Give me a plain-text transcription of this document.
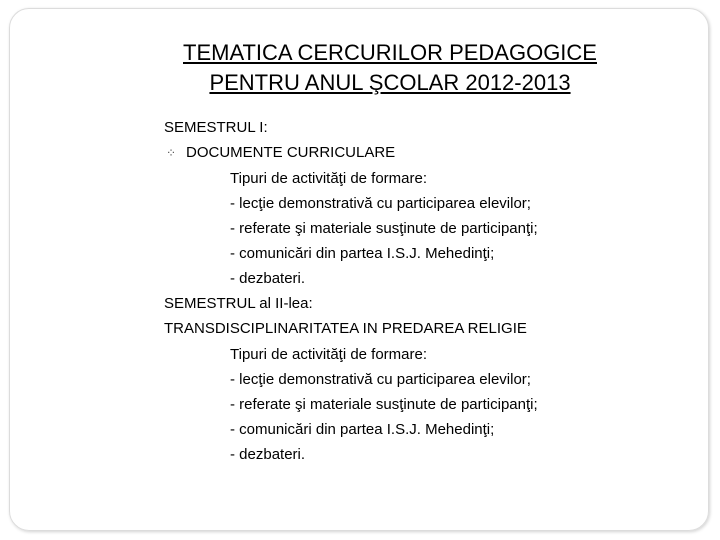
TEMATICA CERCURILOR PEDAGOGICE
PENTRU ANUL ŞCOLAR 2012-2013
SEMESTRUL I:
⁘ DOCUMENTE CURRICULARE
Tipuri de activităţi de formare:
- lecţie demonstrativă cu participarea elevilor;
- referate şi materiale susţinute de participanţi;
- comunicări din partea I.S.J. Mehedinţi;
- dezbateri.
SEMESTRUL al II-lea:
TRANSDISCIPLINARITATEA IN PREDAREA RELIGIE
Tipuri de activităţi de formare:
- lecţie demonstrativă cu participarea elevilor;
- referate şi materiale susţinute de participanţi;
- comunicări din partea I.S.J. Mehedinţi;
- dezbateri.
